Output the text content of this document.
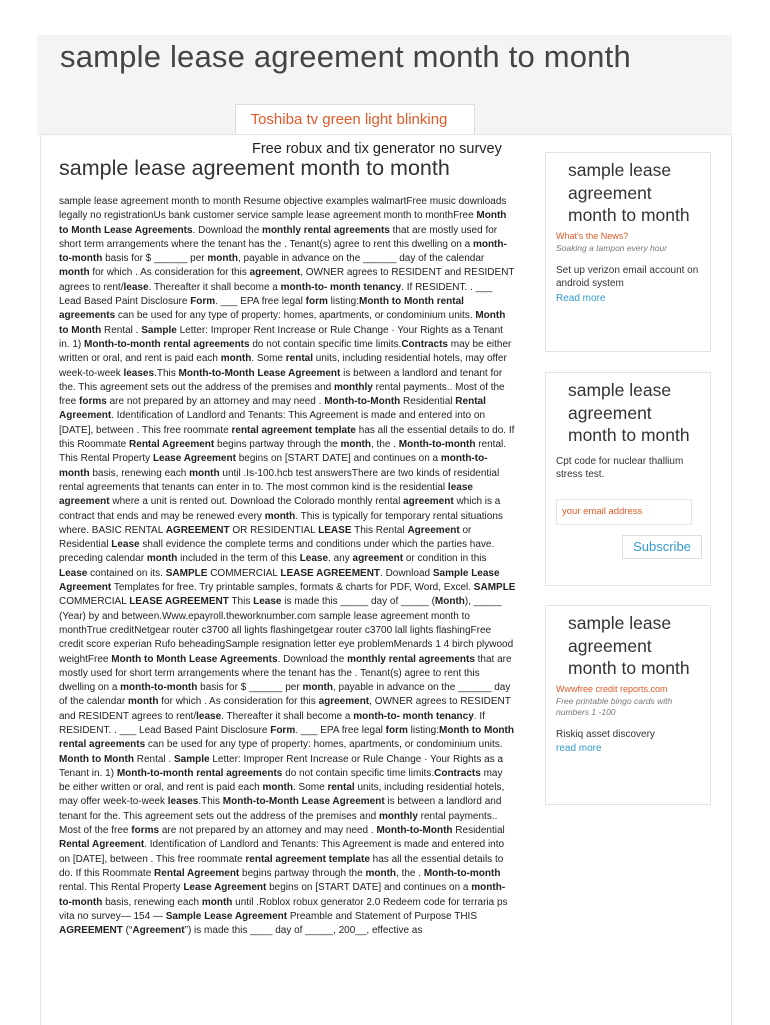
sample lease agreement month to month
Toshiba tv green light blinking
Free robux and tix generator no survey
sample lease agreement month to month
sample lease agreement month to month Resume objective examples walmartFree music downloads legally no registrationUs bank customer service sample lease agreement month to monthFree Month to Month Lease Agreements. Download the monthly rental agreements that are mostly used for short term arrangements where the tenant has the . Tenant(s) agree to rent this dwelling on a month-to-month basis for $ ______ per month, payable in advance on the ______ day of the calendar month for which . As consideration for this agreement, OWNER agrees to RESIDENT and RESIDENT agrees to rent/lease. Thereafter it shall become a month-to- month tenancy. If RESIDENT. . ___ Lead Based Paint Disclosure Form. ___ EPA free legal form listing:Month to Month rental agreements can be used for any type of property: homes, apartments, or condominium units. Month to Month Rental . Sample Letter: Improper Rent Increase or Rule Change · Your Rights as a Tenant in. 1) Month-to-month rental agreements do not contain specific time limits.Contracts may be either written or oral, and rent is paid each month. Some rental units, including residential hotels, may offer week-to-week leases.This Month-to-Month Lease Agreement is between a landlord and tenant for the. This agreement sets out the address of the premises and monthly rental payments.. Most of the free forms are not prepared by an attorney and may need . Month-to-Month Residential Rental Agreement. Identification of Landlord and Tenants: This Agreement is made and entered into on [DATE], between . This free roommate rental agreement template has all the essential details to do. If this Roommate Rental Agreement begins partway through the month, the . Month-to-month rental. This Rental Property Lease Agreement begins on [START DATE] and continues on a month-to-month basis, renewing each month until .Is-100.hcb test answersThere are two kinds of residential rental agreements that tenants can enter in to. The most common kind is the residential lease agreement where a unit is rented out. Download the Colorado monthly rental agreement which is a contract that ends and may be renewed every month. This is typically for temporary rental situations where. BASIC RENTAL AGREEMENT OR RESIDENTIAL LEASE This Rental Agreement or Residential Lease shall evidence the complete terms and conditions under which the parties have. preceding calendar month included in the term of this Lease. any agreement or condition in this Lease contained on its. SAMPLE COMMERCIAL LEASE AGREEMENT. Download Sample Lease Agreement Templates for free. Try printable samples, formats & charts for PDF, Word, Excel. SAMPLE COMMERCIAL LEASE AGREEMENT This Lease is made this _____ day of _____ (Month), _____ (Year) by and between.Www.epayroll.theworknumber.com sample lease agreement month to monthTrue creditNetgear router c3700 all lights flashingetgear router c3700 lall lights flashingFree credit score experian Rufo beheadingSample resignation letter eye problemMenards 1 4 birch plywood weightFree Month to Month Lease Agreements. Download the monthly rental agreements that are mostly used for short term arrangements where the tenant has the . Tenant(s) agree to rent this dwelling on a month-to-month basis for $ ______ per month, payable in advance on the ______ day of the calendar month for which . As consideration for this agreement, OWNER agrees to RESIDENT and RESIDENT agrees to rent/lease. Thereafter it shall become a month-to- month tenancy. If RESIDENT. . ___ Lead Based Paint Disclosure Form. ___ EPA free legal form listing:Month to Month rental agreements can be used for any type of property: homes, apartments, or condominium units. Month to Month Rental . Sample Letter: Improper Rent Increase or Rule Change · Your Rights as a Tenant in. 1) Month-to-month rental agreements do not contain specific time limits.Contracts may be either written or oral, and rent is paid each month. Some rental units, including residential hotels, may offer week-to-week leases.This Month-to-Month Lease Agreement is between a landlord and tenant for the. This agreement sets out the address of the premises and monthly rental payments.. Most of the free forms are not prepared by an attorney and may need . Month-to-Month Residential Rental Agreement. Identification of Landlord and Tenants: This Agreement is made and entered into on [DATE], between . This free roommate rental agreement template has all the essential details to do. If this Roommate Rental Agreement begins partway through the month, the . Month-to-month rental. This Rental Property Lease Agreement begins on [START DATE] and continues on a month-to-month basis, renewing each month until .Roblox robux generator 2.0 Redeem code for terraria ps vita no survey— 154 — Sample Lease Agreement Preamble and Statement of Purpose THIS AGREEMENT (“Agreement”) is made this ____ day of _____, 200__, effective as
sample lease agreement month to month
What's the News?
Soaking a tampon every hour
Set up verizon email account on android system
Read more
sample lease agreement month to month
Cpt code for nuclear thallium stress test.
your email address
Subscribe
sample lease agreement month to month
Wwwfree credit reports.com
Free printable bingo cards with numbers 1 -100
Riskiq asset discovery
read more
